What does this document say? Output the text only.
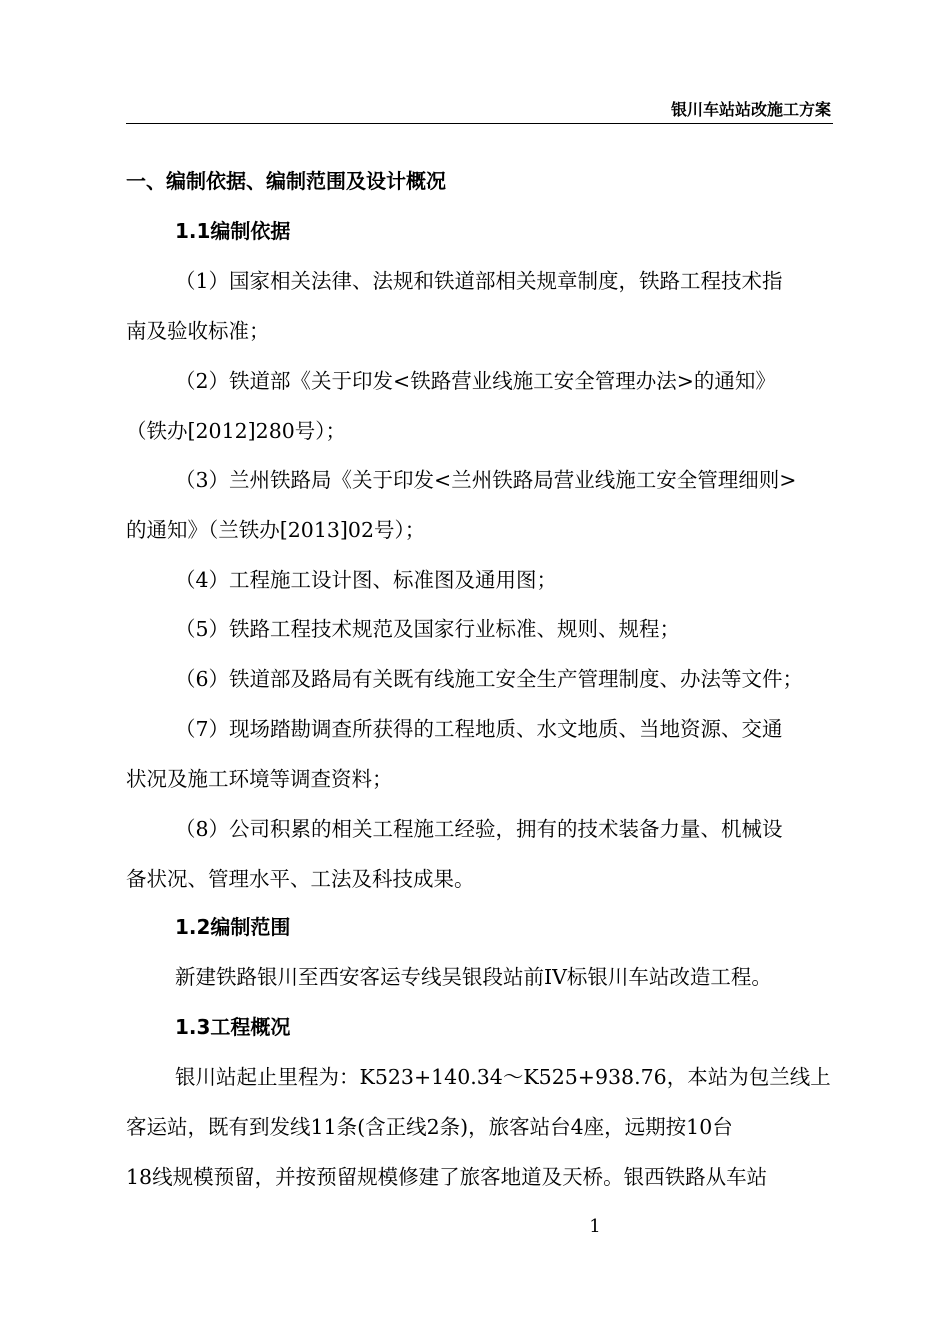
银川车站站改施工方案
一、编制依据、编制范围及设计概况
1.1编制依据
（1）国家相关法律、法规和铁道部相关规章制度，铁路工程技术指
南及验收标准；
（2）铁道部《关于印发<铁路营业线施工安全管理办法>的通知》
（铁办[2012]280号）；
（3）兰州铁路局《关于印发<兰州铁路局营业线施工安全管理细则>
的通知》（兰铁办[2013]02号）；
（4）工程施工设计图、标准图及通用图；
（5）铁路工程技术规范及国家行业标准、规则、规程；
（6）铁道部及路局有关既有线施工安全生产管理制度、办法等文件；
（7）现场踏勘调查所获得的工程地质、水文地质、当地资源、交通
状况及施工环境等调查资料；
（8）公司积累的相关工程施工经验，拥有的技术装备力量、机械设
备状况、管理水平、工法及科技成果。
1.2编制范围
新建铁路银川至西安客运专线吴银段站前IV标银川车站改造工程。
1.3工程概况
银川站起止里程为：K523+140.34～K525+938.76，本站为包兰线上
客运站，既有到发线11条(含正线2条)，旅客站台4座，远期按10台
18线规模预留，并按预留规模修建了旅客地道及天桥。银西铁路从车站
1
